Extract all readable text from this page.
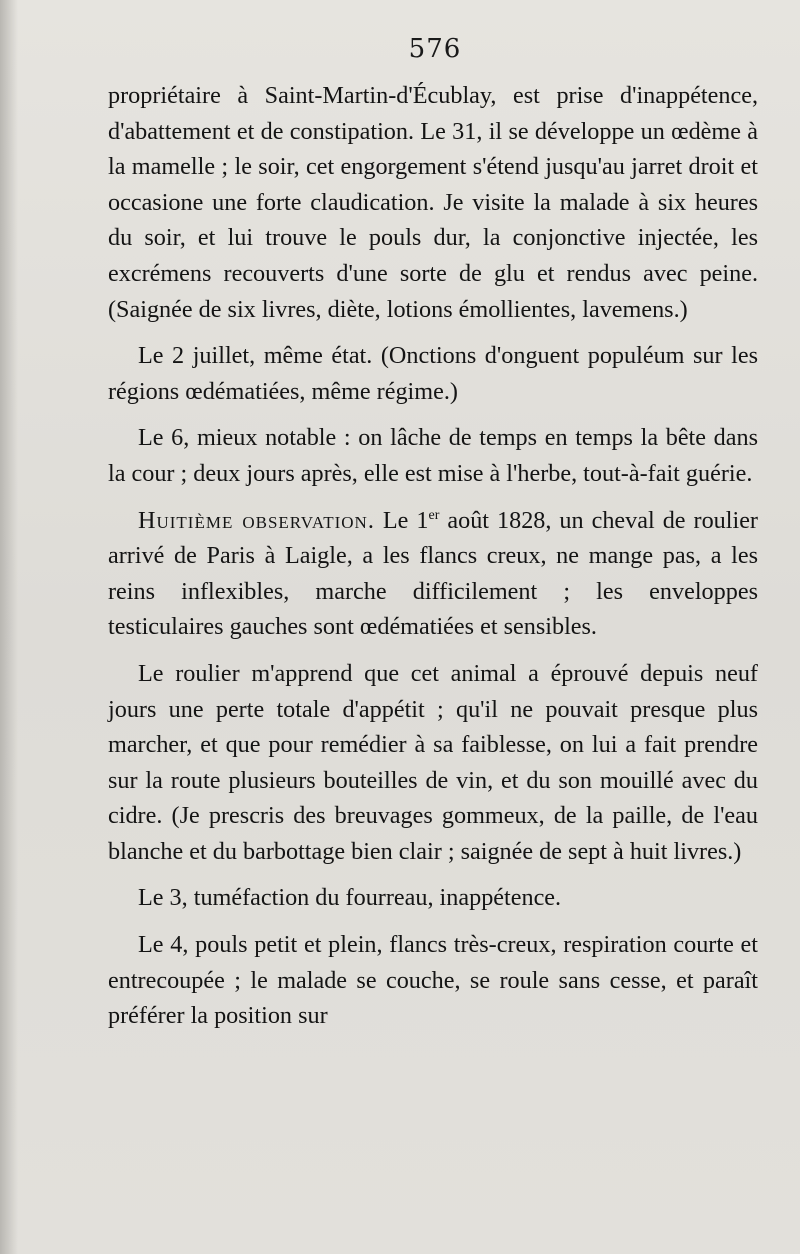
576

propriétaire à Saint-Martin-d'Écublay, est prise d'inappétence, d'abattement et de constipation. Le 31, il se développe un œdème à la mamelle ; le soir, cet engorgement s'étend jusqu'au jarret droit et occasione une forte claudication. Je visite la malade à six heures du soir, et lui trouve le pouls dur, la conjonctive injectée, les excrémens recouverts d'une sorte de glu et rendus avec peine. (Saignée de six livres, diète, lotions émollientes, lavemens.)

Le 2 juillet, même état. (Onctions d'onguent populéum sur les régions œdématiées, même régime.)

Le 6, mieux notable : on lâche de temps en temps la bête dans la cour ; deux jours après, elle est mise à l'herbe, tout-à-fait guérie.

Huitième observation. Le 1er août 1828, un cheval de roulier arrivé de Paris à Laigle, a les flancs creux, ne mange pas, a les reins inflexibles, marche difficilement ; les enveloppes testiculaires gauches sont œdématiées et sensibles.

Le roulier m'apprend que cet animal a éprouvé depuis neuf jours une perte totale d'appétit ; qu'il ne pouvait presque plus marcher, et que pour remédier à sa faiblesse, on lui a fait prendre sur la route plusieurs bouteilles de vin, et du son mouillé avec du cidre. (Je prescris des breuvages gommeux, de la paille, de l'eau blanche et du barbottage bien clair ; saignée de sept à huit livres.)

Le 3, tuméfaction du fourreau, inappétence.

Le 4, pouls petit et plein, flancs très-creux, respiration courte et entrecoupée ; le malade se couche, se roule sans cesse, et paraît préférer la position sur
